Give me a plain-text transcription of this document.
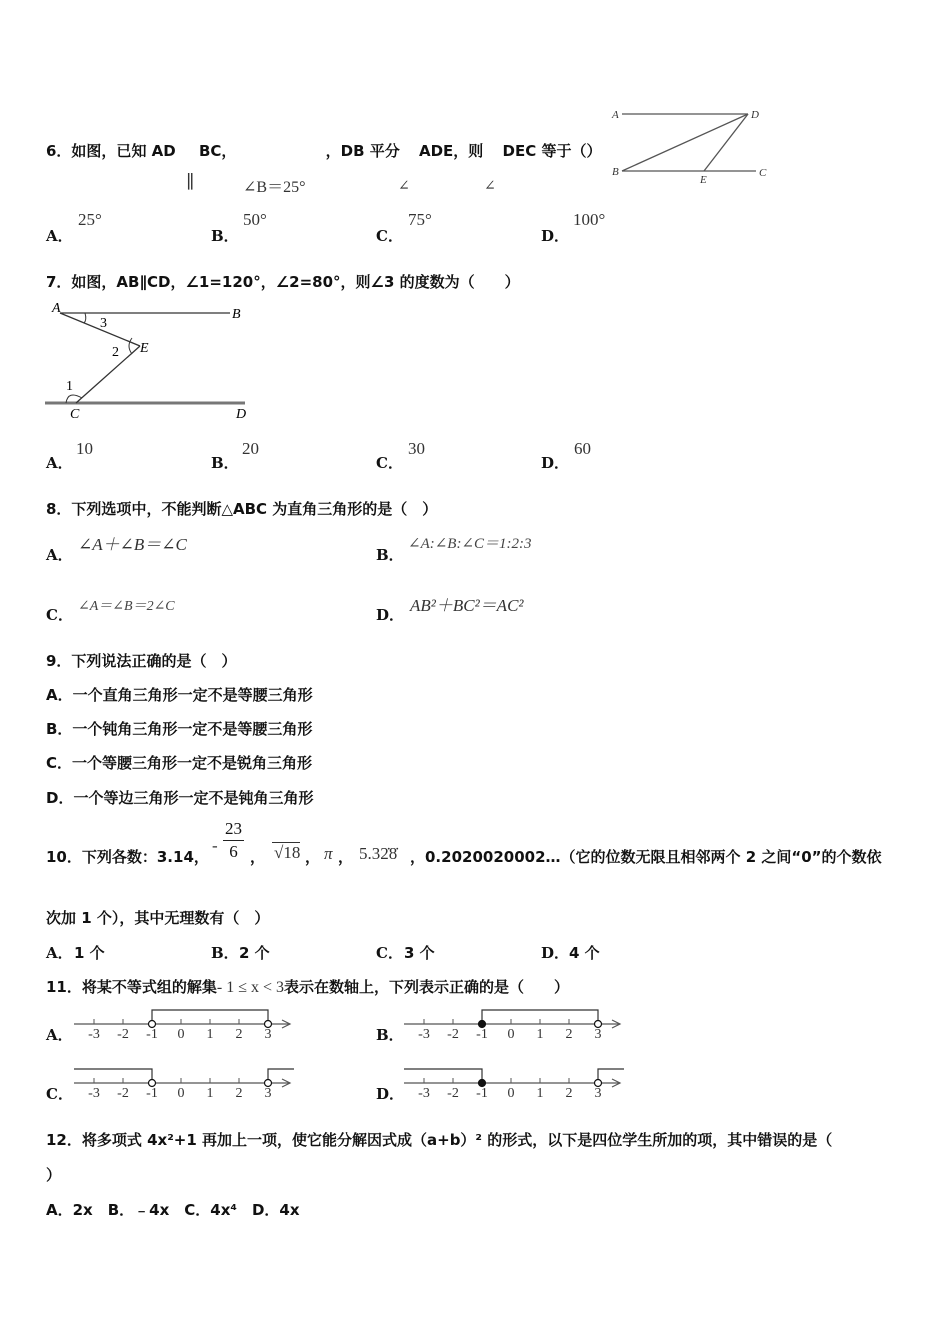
6．如图，已知 AD BC，	，DB 平分 ADE，则 DEC 等于（）
∥	∠B＝25°	∠	∠
A	D
B
E
C
A．
25°
B．
50°
C．
75°
D．
100°
7．如图，AB∥CD，∠1=120°，∠2=80°，则∠3 的度数为（　　）
A	B
E
C	D
1
2
3
A．
10
B．
20
C．
30
D．
60
8．下列选项中，不能判断△ABC 为直角三角形的是（　）
A．
∠A＋∠B＝∠C
B．
∠A:∠B:∠C＝1:2:3
C． ∠A＝∠B＝2∠C	D． AB²＋BC²＝AC²
9．下列说法正确的是（　）
A．一个直角三角形一定不是等腰三角形
B．一个钝角三角形一定不是等腰三角形
C．一个等腰三角形一定不是锐角三角形
D．一个等边三角形一定不是钝角三角形
10．下列各数：3.14，
- $\frac{23}{6}$ ， √18 ， π ， 5.32̇8̇ ，0.2020020002…（它的位数无限且相邻两个 2 之间“0”的个数依
次加 1 个），其中无理数有（　）
A． 1 个	B． 2 个	C． 3 个	D． 4 个
11．将某不等式组的解集- 1 ≤ x < 3表示在数轴上，下列表示正确的是（　　）
A．	B．
C．	D．
-3 -2 -1 0 1 2 3	-3 -2 -1 0 1 2 3
-3 -2 -1 0 1 2 3	-3 -2 -1 0 1 2 3
12．将多项式 4x²+1 再加上一项，使它能分解因式成（a+b）² 的形式，以下是四位学生所加的项，其中错误的是（
）
A．2x　B．﹣4x　C．4x⁴　D．4x
